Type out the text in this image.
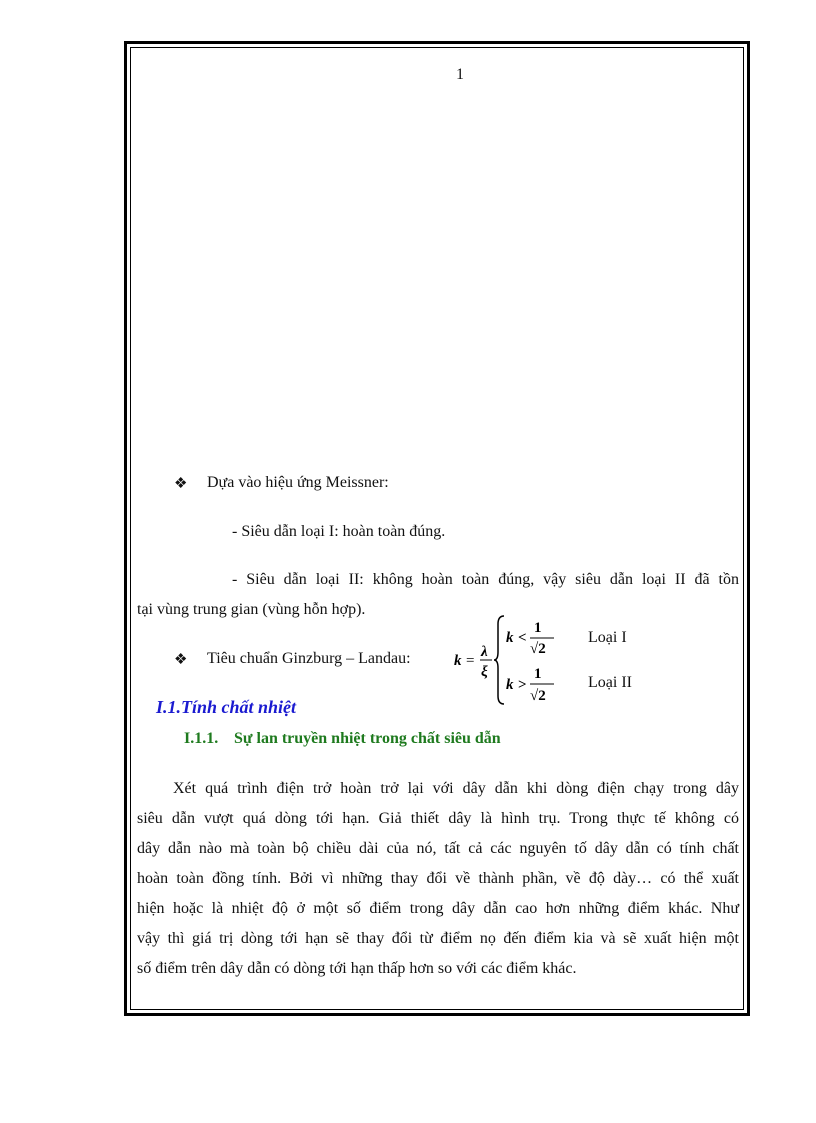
1
❖ Dựa vào hiệu ứng Meissner:
- Siêu dẫn loại I: hoàn toàn đúng.
- Siêu dẫn loại II: không hoàn toàn đúng, vậy siêu dẫn loại II đã tồn
tại vùng trung gian (vùng hỗn hợp).
❖ Tiêu chuẩn Ginzburg – Landau:	k =
λ
ξ
k <
1
√2
k >
1
√2
Loại I
Loại II
I.1.Tính chất nhiệt
I.1.1. Sự lan truyền nhiệt trong chất siêu dẫn
Xét quá trình điện trở hoàn trở lại với dây dẫn khi dòng điện chạy trong dây
siêu dẫn vượt quá dòng tới hạn. Giả thiết dây là hình trụ. Trong thực tế không có
dây dẫn nào mà toàn bộ chiều dài của nó, tất cả các nguyên tố dây dẫn có tính chất
hoàn toàn đồng tính. Bởi vì những thay đổi về thành phần, về độ dày… có thể xuất
hiện hoặc là nhiệt độ ở một số điểm trong dây dẫn cao hơn những điểm khác. Như
vậy thì giá trị dòng tới hạn sẽ thay đổi từ điểm nọ đến điểm kia và sẽ xuất hiện một
số điểm trên dây dẫn có dòng tới hạn thấp hơn so với các điểm khác.
